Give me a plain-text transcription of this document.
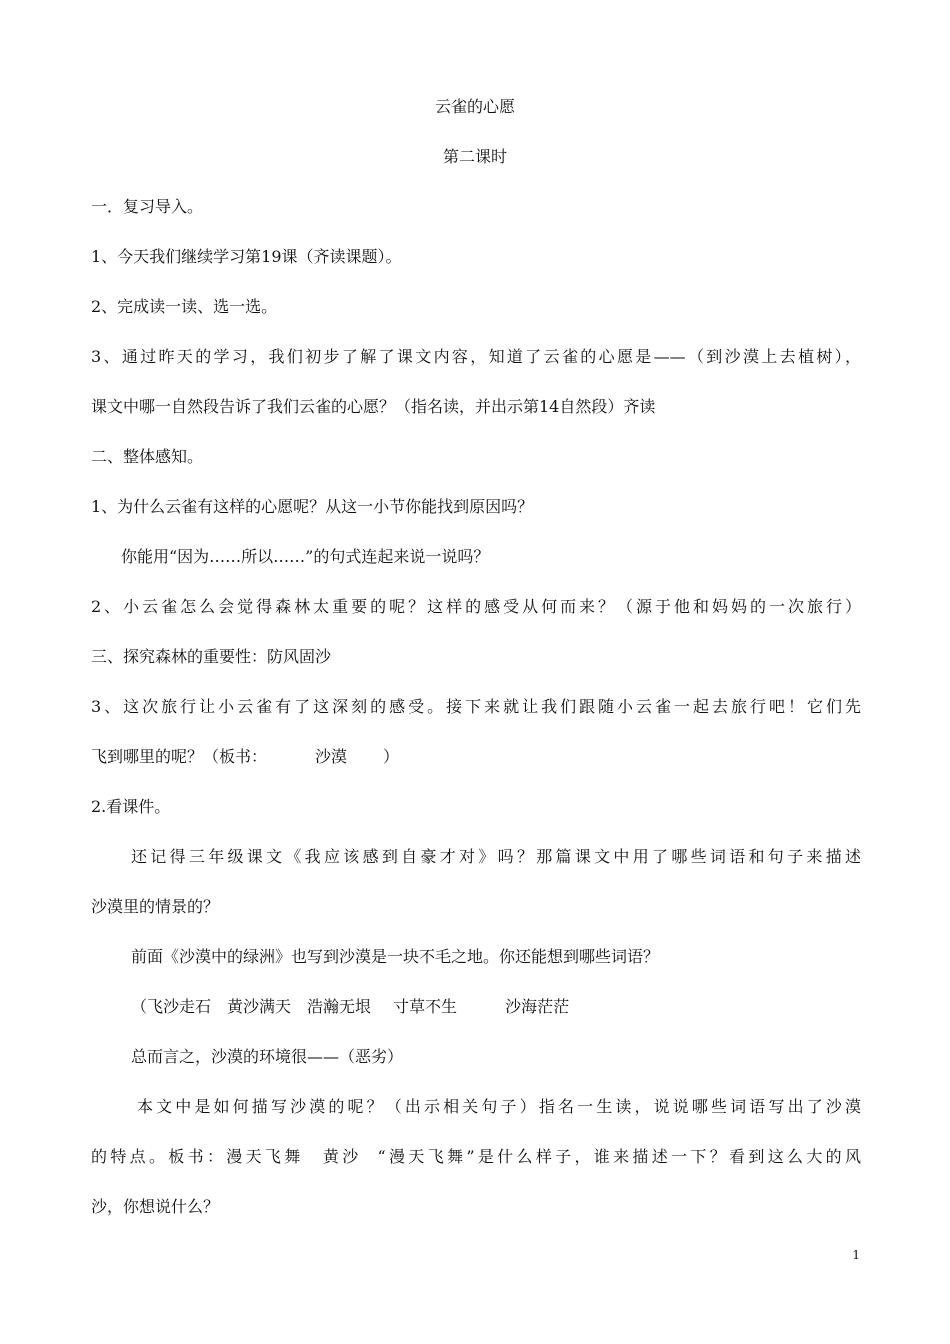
云雀的心愿
第二课时
一．复习导入。
1、今天我们继续学习第19课（齐读课题）。
2、完成读一读、选一选。
3、通过昨天的学习，我们初步了解了课文内容，知道了云雀的心愿是——（到沙漠上去植树），
课文中哪一自然段告诉了我们云雀的心愿？（指名读，并出示第14自然段）齐读
二、整体感知。
1、为什么云雀有这样的心愿呢？从这一小节你能找到原因吗？
你能用“因为……所以……”的句式连起来说一说吗？
2、小云雀怎么会觉得森林太重要的呢？这样的感受从何而来？（源于他和妈妈的一次旅行）
三、探究森林的重要性：防风固沙
3、这次旅行让小云雀有了这深刻的感受。接下来就让我们跟随小云雀一起去旅行吧！它们先
飞到哪里的呢？（板书：	沙漠 ）
2.看课件。
还记得三年级课文《我应该感到自豪才对》吗？那篇课文中用了哪些词语和句子来描述
沙漠里的情景的？
前面《沙漠中的绿洲》也写到沙漠是一块不毛之地。你还能想到哪些词语？
（飞沙走石 黄沙满天 浩瀚无垠 寸草不生	沙海茫茫
总而言之，沙漠的环境很——（恶劣）
本文中是如何描写沙漠的呢？（出示相关句子）指名一生读，说说哪些词语写出了沙漠
的特点。板书：漫天飞舞 黄沙 “漫天飞舞”是什么样子，谁来描述一下？看到这么大的风
沙，你想说什么？
1
